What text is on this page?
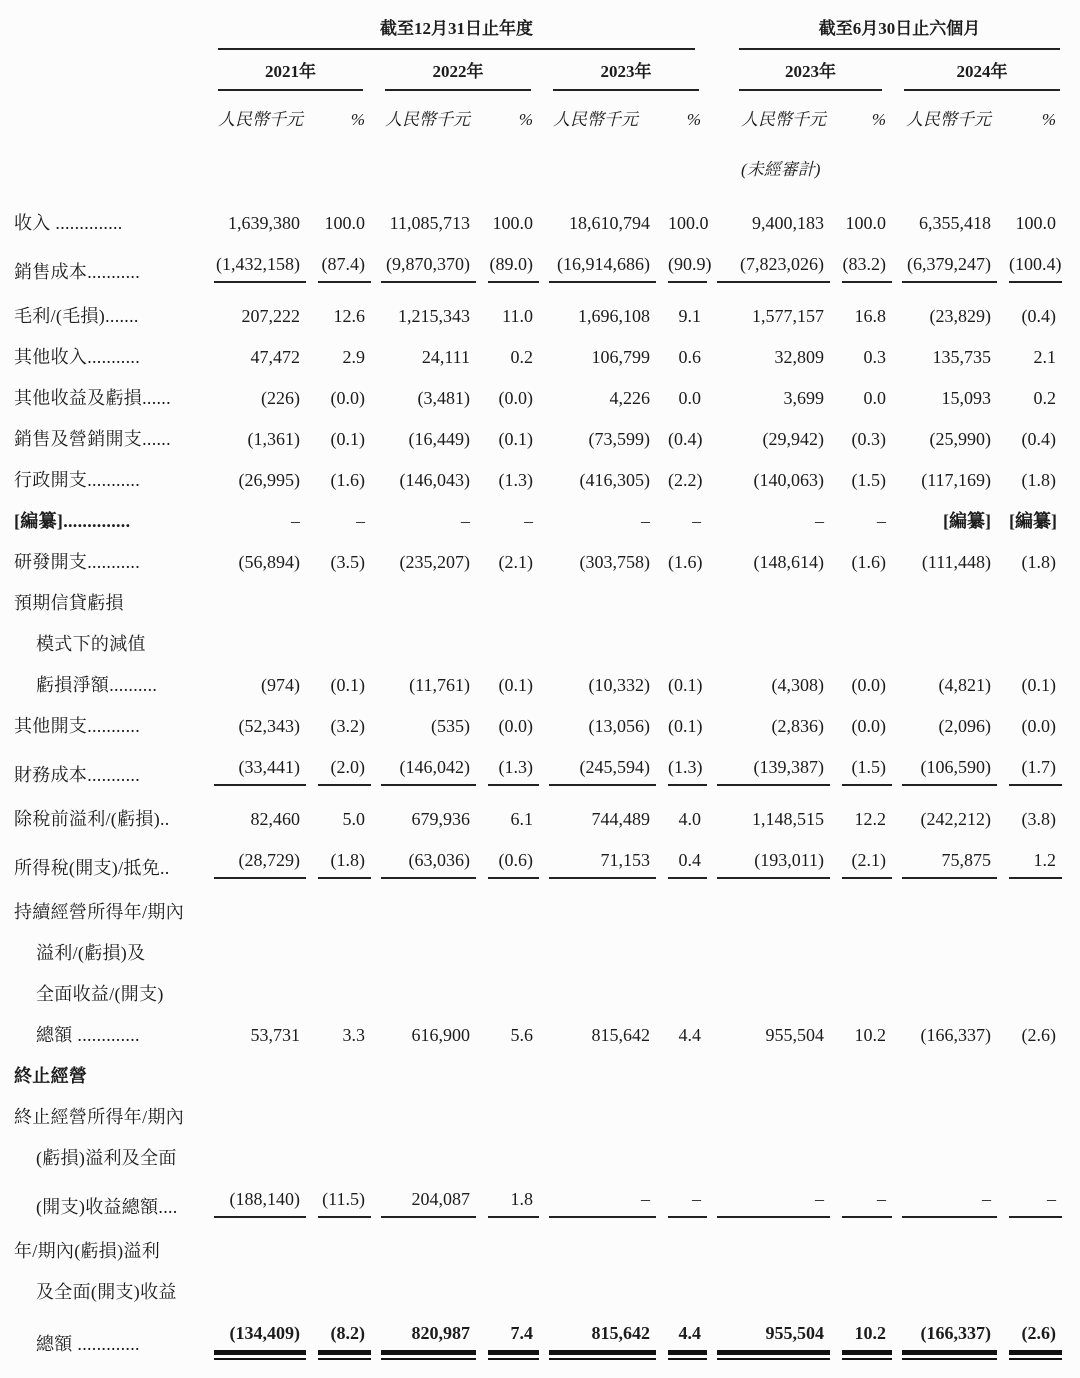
	截至12月31日止年度						截至6月30日止六個月			

	2021年		2022年		2023年		2023年		2024年	

	人民幣千元	%	人民幣千元	%	人民幣千元	%	人民幣千元	%	人民幣千元	%
							(未經審計)			
收入 ..............	1,639,380	100.0	11,085,713	100.0	18,610,794	100.0	9,400,183	100.0	6,355,418	100.0

銷售成本...........	(1,432,158)	(87.4)	(9,870,370)	(89.0)	(16,914,686)	(90.9)	(7,823,026)	(83.2)	(6,379,247)	(100.4)

毛利/(毛損).......	207,222	12.6	1,215,343	11.0	1,696,108	9.1	1,577,157	16.8	(23,829)	(0.4)

其他收入...........	47,472	2.9	24,111	0.2	106,799	0.6	32,809	0.3	135,735	2.1

其他收益及虧損......	(226)	(0.0)	(3,481)	(0.0)	4,226	0.0	3,699	0.0	15,093	0.2

銷售及營銷開支......	(1,361)	(0.1)	(16,449)	(0.1)	(73,599)	(0.4)	(29,942)	(0.3)	(25,990)	(0.4)

行政開支...........	(26,995)	(1.6)	(146,043)	(1.3)	(416,305)	(2.2)	(140,063)	(1.5)	(117,169)	(1.8)

[編纂]..............	–	–	–	–	–	–	–	–	[編纂]	[編纂]

研發開支...........	(56,894)	(3.5)	(235,207)	(2.1)	(303,758)	(1.6)	(148,614)	(1.6)	(111,448)	(1.8)

預期信貸虧損										
模式下的減值										
虧損淨額..........	(974)	(0.1)	(11,761)	(0.1)	(10,332)	(0.1)	(4,308)	(0.0)	(4,821)	(0.1)

其他開支...........	(52,343)	(3.2)	(535)	(0.0)	(13,056)	(0.1)	(2,836)	(0.0)	(2,096)	(0.0)

財務成本...........	(33,441)	(2.0)	(146,042)	(1.3)	(245,594)	(1.3)	(139,387)	(1.5)	(106,590)	(1.7)

除稅前溢利/(虧損)..	82,460	5.0	679,936	6.1	744,489	4.0	1,148,515	12.2	(242,212)	(3.8)

所得稅(開支)/抵免..	(28,729)	(1.8)	(63,036)	(0.6)	71,153	0.4	(193,011)	(2.1)	75,875	1.2

持續經營所得年/期內										
溢利/(虧損)及										
全面收益/(開支)										
總額 .............	53,731	3.3	616,900	5.6	815,642	4.4	955,504	10.2	(166,337)	(2.6)

終止經營										
終止經營所得年/期內										
(虧損)溢利及全面										
(開支)收益總額....	(188,140)	(11.5)	204,087	1.8	–	–	–	–	–	–

年/期內(虧損)溢利										
及全面(開支)收益										
總額 .............	(134,409)	(8.2)	820,987	7.4	815,642	4.4	955,504	10.2	(166,337)	(2.6)
